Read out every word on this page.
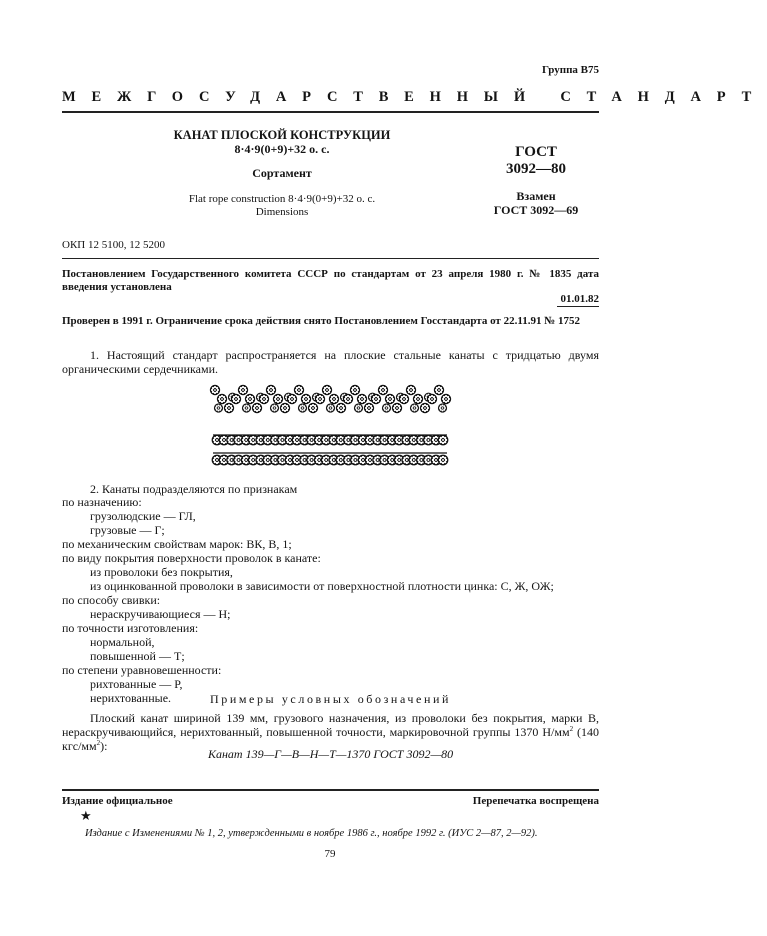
Группа В75
МЕЖГОСУДАРСТВЕННЫЙ СТАНДАРТ
КАНАТ ПЛОСКОЙ КОНСТРУКЦИИ
8·4·9(0+9)+32 о. с.
Сортамент
Flat rope construction 8·4·9(0+9)+32 o. c.
Dimensions
ГОСТ
3092—80
Взамен
ГОСТ 3092—69
ОКП 12 5100, 12 5200
Постановлением Государственного комитета СССР по стандартам от 23 апреля 1980 г. № 1835 дата введения установлена
01.01.82
Проверен в 1991 г. Ограничение срока действия снято Постановлением Госстандарта от 22.11.91 № 1752
1. Настоящий стандарт распространяется на плоские стальные канаты с тридцатью двумя органическими сердечниками.
2. Канаты подразделяются по признакам
по назначению:
грузолюдские — ГЛ,
грузовые — Г;
по механическим свойствам марок: ВК, В, 1;
по виду покрытия поверхности проволок в канате:
из проволоки без покрытия,
из оцинкованной проволоки в зависимости от поверхностной плотности цинка: С, Ж, ОЖ;
по способу свивки:
нераскручивающиеся — Н;
по точности изготовления:
нормальной,
повышенной — Т;
по степени уравновешенности:
рихтованные — Р,
нерихтованные.	Примеры условных обозначений
Плоский канат шириной 139 мм, грузового назначения, из проволоки без покрытия, марки В, нераскручивающийся, нерихтованный, повышенной точности, маркировочной группы 1370 $Н/мм^2$ (140 кгс/$мм^2$):
Канат 139—Г—В—Н—Т—1370 ГОСТ 3092—80
Издание официальное	Перепечатка воспрещена
★
Издание с Изменениями № 1, 2, утвержденными в ноябре 1986 г., ноябре 1992 г. (ИУС 2—87, 2—92).
79
